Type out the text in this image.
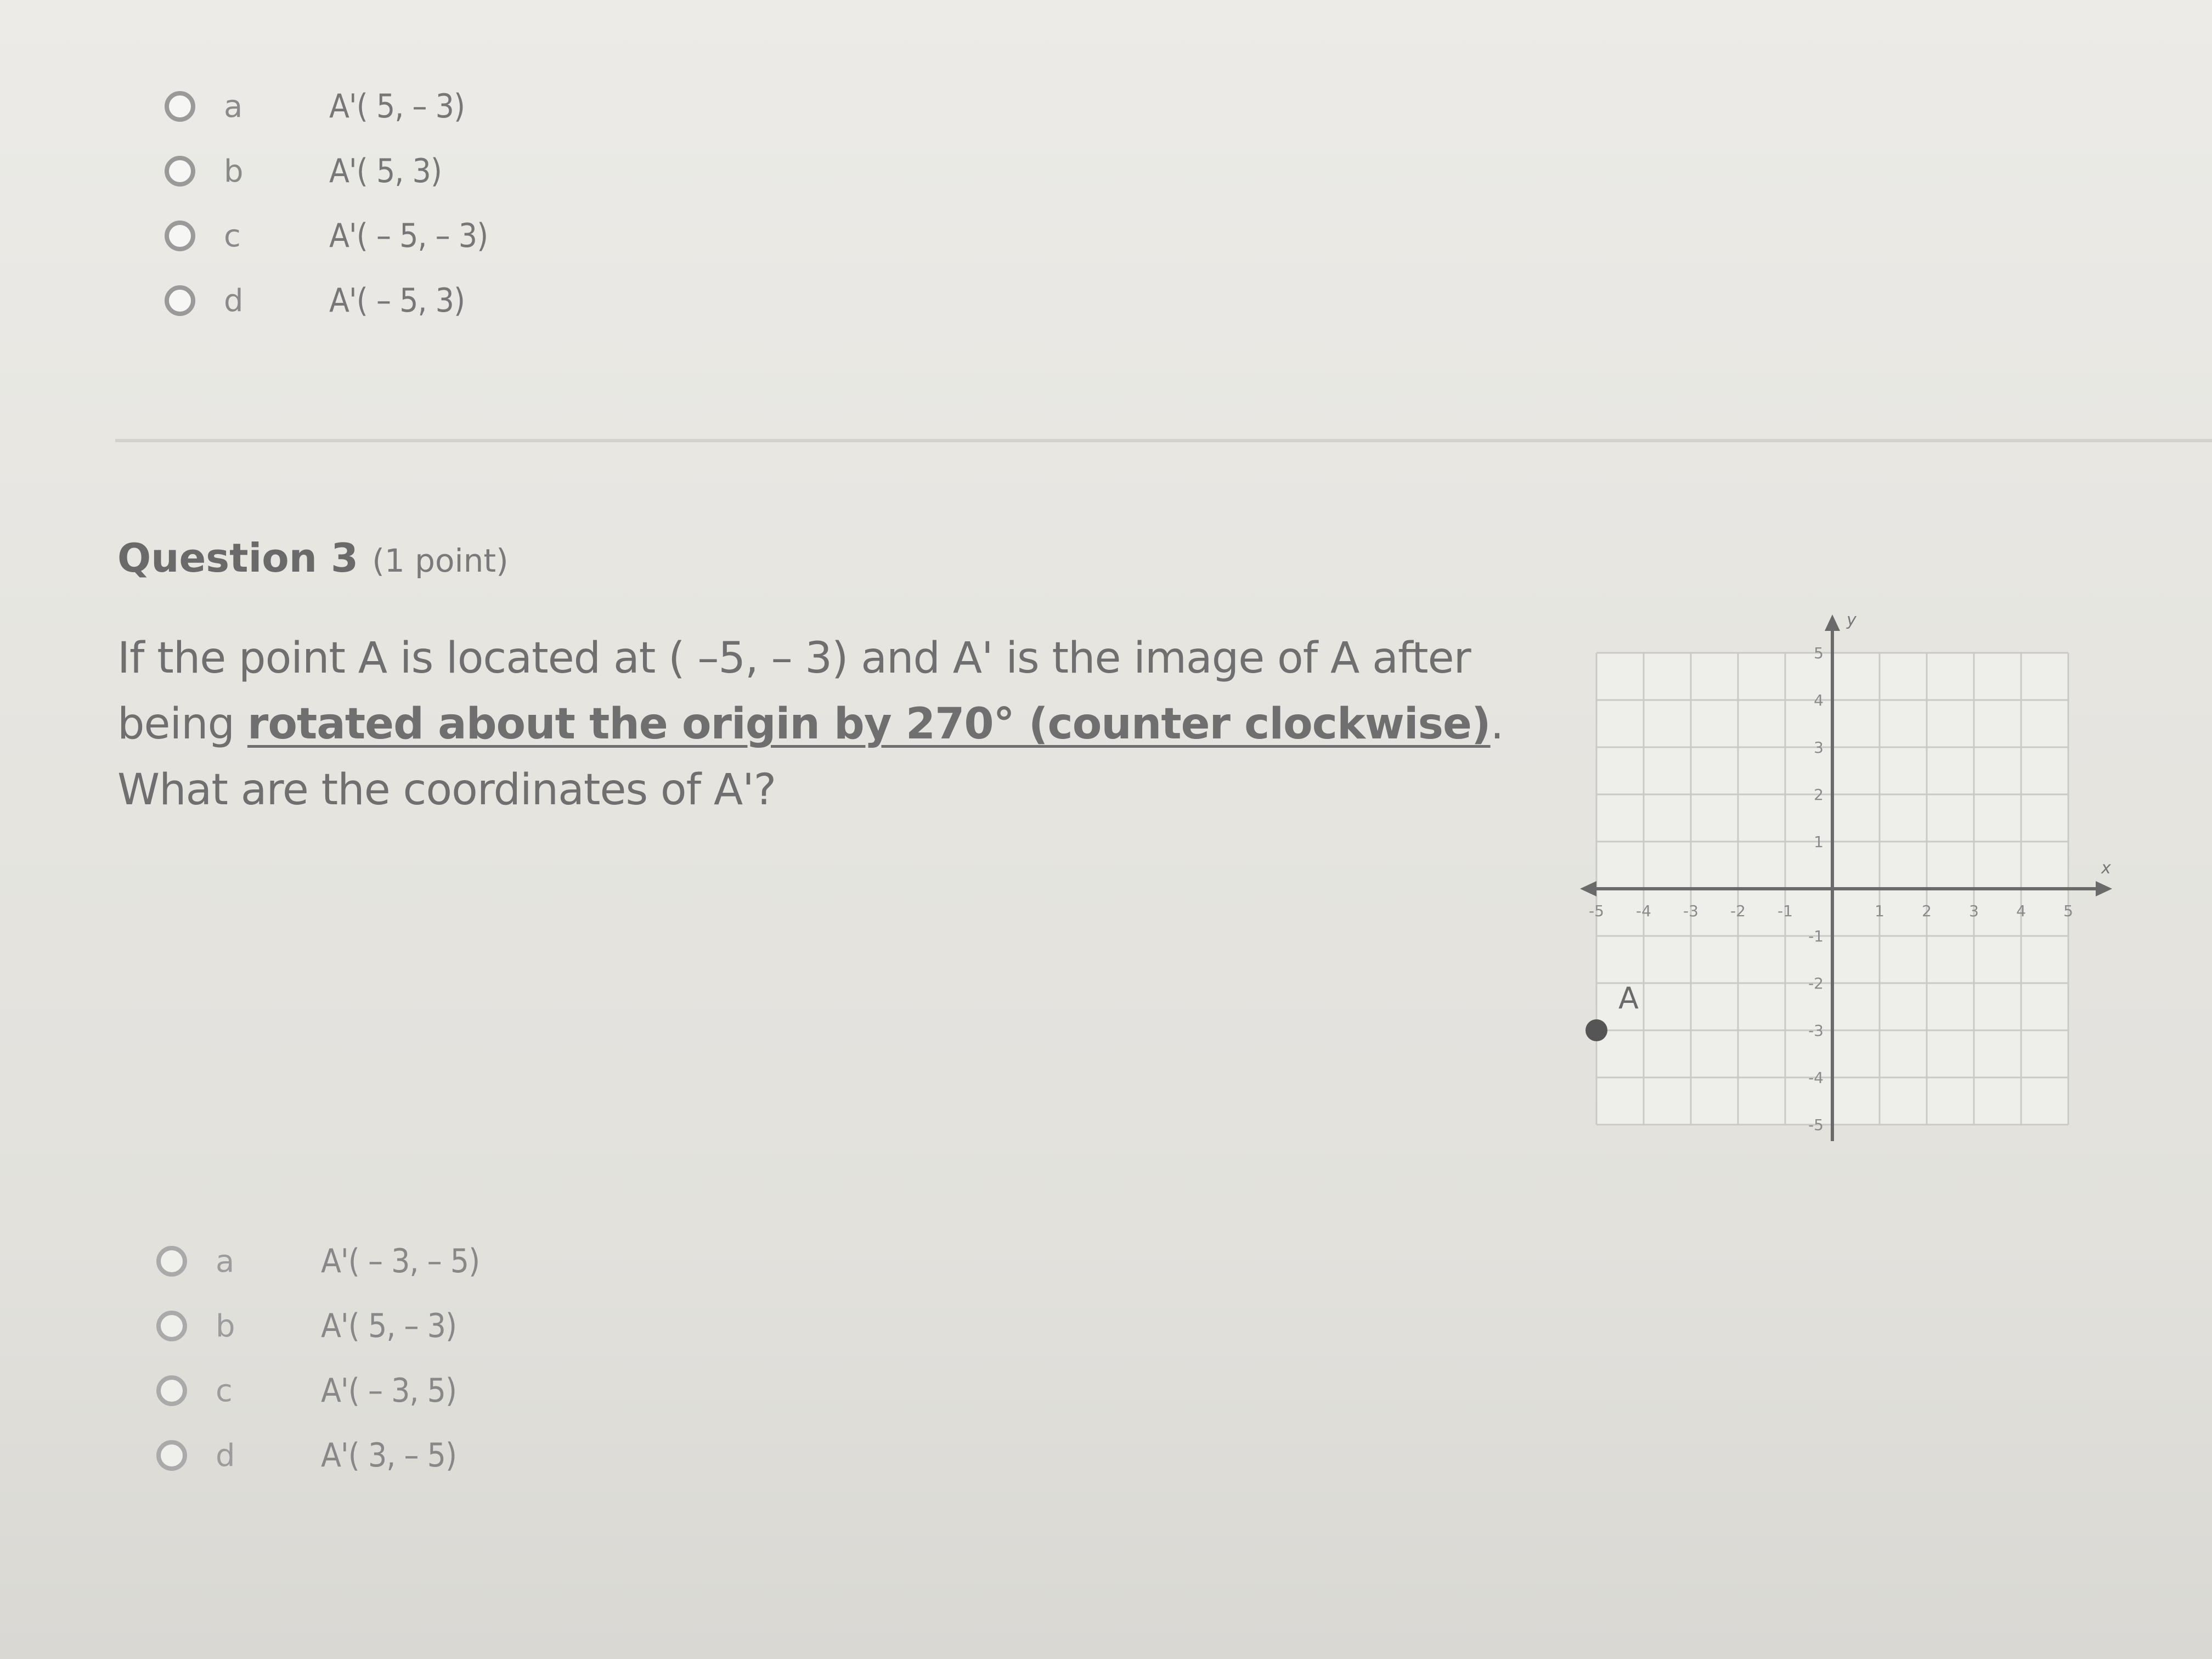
a	A'( 5, – 3)
b	A'( 5, 3)
c	A'( – 5, – 3)
d	A'( – 5, 3)
Question 3 (1 point)
If the point A is located at ( –5, – 3) and A' is the image of A after being rotated about the origin by 270° (counter clockwise). What are the coordinates of A'?
x
y
-5 -4 -3 -2 -1	1 2 3 4 5
5
4
3
2
1
-1
-2
-3
-4
-5
A
a	A'( – 3, – 5)
b	A'( 5, – 3)
c	A'( – 3, 5)
d	A'( 3, – 5)
